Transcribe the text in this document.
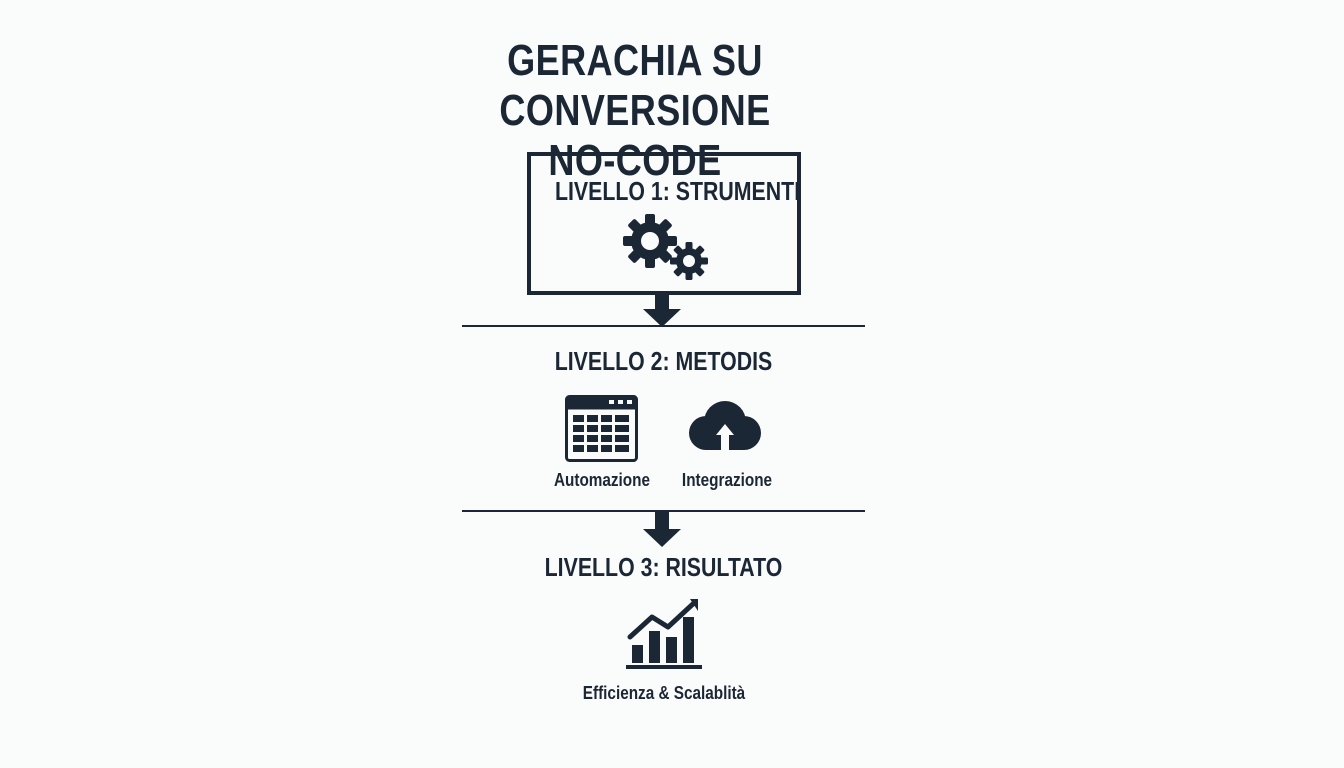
GERACHIA SU CONVERSIONE
NO-CODE
LIVELLO 1: STRUMENTI
LIVELLO 2: METODIS
Automazione	Integrazione
LIVELLO 3: RISULTATO
Efficienza & Scalablità
